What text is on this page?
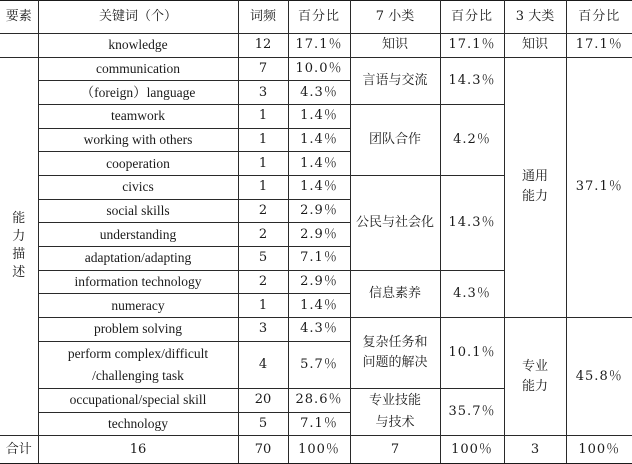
要素	关键词（个）	词频	百分比	7 小类	百分比	3 大类	百分比
	knowledge	12	17.1％	知识	17.1％	知识	17.1％

能
力
描
述	communication	7	10.0％	言语与交流	14.3％	通用能力	37.1％
	（foreign）language	3	4.3％				
	teamwork	1	1.4％	团队合作	4.2％		
	working with others	1	1.4％				
	cooperation	1	1.4％				
	civics	1	1.4％	公民与社会化	14.3％		
	social skills	2	2.9％				
	understanding	2	2.9％				
	adaptation/adapting	5	7.1％				
	information technology	2	2.9％	信息素养	4.3％		
	numeracy	1	1.4％				
	problem solving	3	4.3％	复杂任务和问题的解决	10.1％	专业能力	45.8％

	perform complex/difficult /challenging task	4	5.7％				
	occupational/special skill	20	28.6％	专业技能与技术	35.7％		
	technology	5	7.1％				
合计	16	70	100％	7	100％	3	100％
